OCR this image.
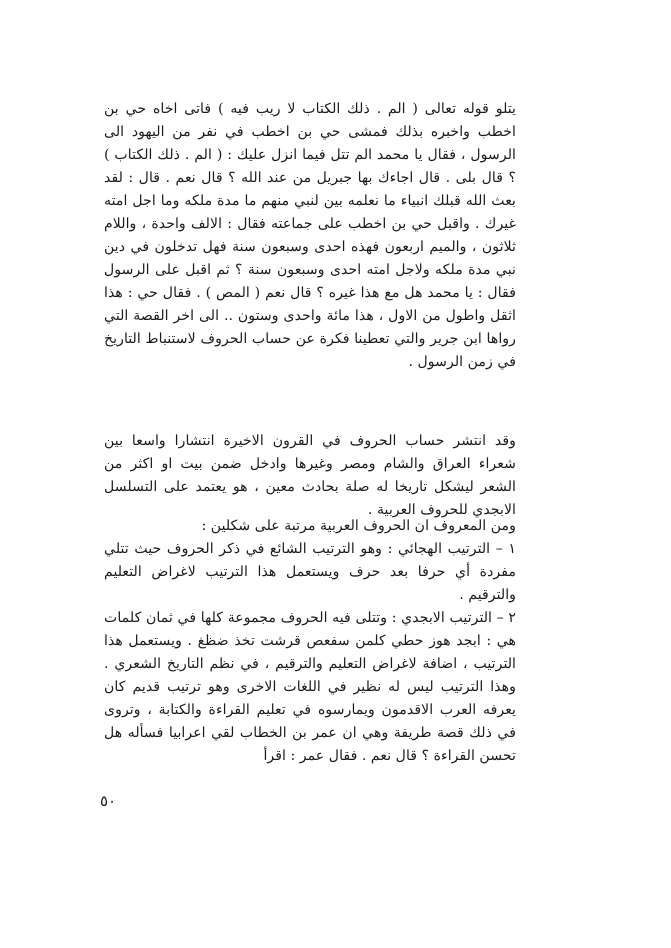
يتلو قوله تعالى ( الم . ذلك الكتاب لا ريب فيه ) فاتى اخاه حي بن اخطب واخبره بذلك فمشى حي بن اخطب في نفر من اليهود الى الرسول ، فقال يا محمد الم تتل فيما انزل عليك : ( الم . ذلك الكتاب ) ؟ قال بلى . قال اجاءك بها جبريل من عند الله ؟ قال نعم . قال : لقد بعث الله قبلك انبياء ما نعلمه بين لنبي منهم ما مدة ملكه وما اجل امته غيرك . واقبل حي بن اخطب على جماعته فقال : الالف واحدة ، واللام ثلاثون ، والميم اربعون فهذه احدى وسبعون سنة فهل تدخلون في دين نبي مدة ملكه ولاجل امته احدى وسبعون سنة ؟ ثم اقبل على الرسول فقال : يا محمد هل مع هذا غيره ؟ قال نعم ( المص ) . فقال حي : هذا اثقل واطول من الاول ، هذا مائة واحدى وستون .. الى اخر القصة التي رواها ابن جرير والتي تعطينا فكرة عن حساب الحروف لاستنباط التاريخ في زمن الرسول .

وقد انتشر حساب الحروف في القرون الاخيرة انتشارا واسعا بين شعراء العراق والشام ومصر وغيرها وادخل ضمن بيت او اكثر من الشعر ليشكل تاريخا له صلة بحادث معين ، هو يعتمد على التسلسل الابجدي للحروف العربية .

ومن المعروف ان الحروف العربية مرتبة على شكلين :

١ – الترتيب الهجائي : وهو الترتيب الشائع في ذكر الحروف حيث تتلي مفردة أي حرفا بعد حرف ويستعمل هذا الترتيب لاغراض التعليم والترقيم .

٢ – الترتيب الابجدي : وتتلى فيه الحروف مجموعة كلها في ثمان كلمات هي : ابجد هوز حطي كلمن سفعص قرشت تخذ ضظغ . ويستعمل هذا الترتيب ، اضافة لاغراض التعليم والترقيم ، في نظم التاريخ الشعري . وهذا الترتيب ليس له نظير في اللغات الاخرى وهو ترتيب قديم كان يعرفه العرب الاقدمون ويمارسوه في تعليم القراءة والكتابة ، وتروى في ذلك قصة طريفة وهي ان عمر بن الخطاب لقي اعرابيا فسأله هل تحسن القراءة ؟ قال نعم . فقال عمر : اقرأ

٥٠
